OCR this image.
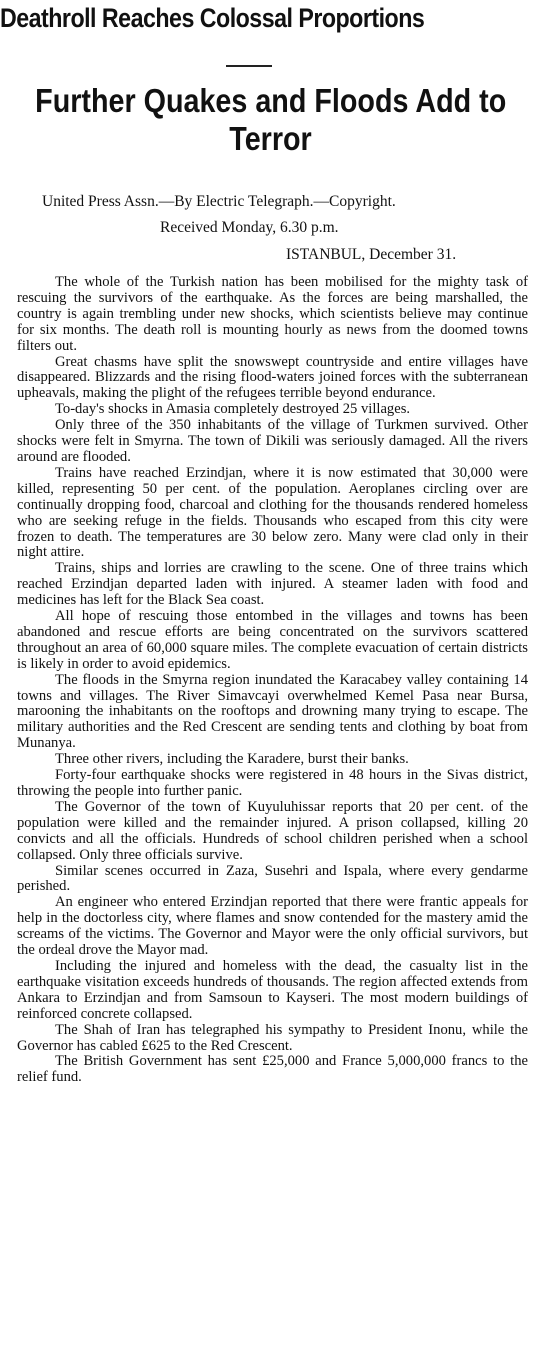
Deathroll Reaches Colossal Proportions
Further Quakes and Floods Add to
Terror

United Press Assn.—By Electric Telegraph.—Copyright.

Received Monday, 6.30 p.m.

ISTANBUL, December 31.

The whole of the Turkish nation has been mobilised for the mighty task of rescuing the survivors of the earthquake. As the forces are being marshalled, the country is again trembling under new shocks, which scientists believe may continue for six months. The death roll is mounting hourly as news from the doomed towns filters out.

Great chasms have split the snowswept countryside and entire villages have disappeared. Blizzards and the rising flood-waters joined forces with the subterranean upheavals, making the plight of the refugees terrible beyond endurance.

To-day's shocks in Amasia completely destroyed 25 villages.

Only three of the 350 inhabitants of the village of Turkmen survived. Other shocks were felt in Smyrna. The town of Dikili was seriously damaged. All the rivers around are flooded.

Trains have reached Erzindjan, where it is now estimated that 30,000 were killed, representing 50 per cent. of the population. Aeroplanes circling over are continually dropping food, charcoal and clothing for the thousands rendered homeless who are seeking refuge in the fields. Thousands who escaped from this city were frozen to death. The temperatures are 30 below zero. Many were clad only in their night attire.

Trains, ships and lorries are crawling to the scene. One of three trains which reached Erzindjan departed laden with injured. A steamer laden with food and medicines has left for the Black Sea coast.

All hope of rescuing those entombed in the villages and towns has been abandoned and rescue efforts are being concentrated on the survivors scattered throughout an area of 60,000 square miles. The complete evacuation of certain districts is likely in order to avoid epidemics.

The floods in the Smyrna region inundated the Karacabey valley containing 14 towns and villages. The River Simavcayi overwhelmed Kemel Pasa near Bursa, marooning the inhabitants on the rooftops and drowning many trying to escape. The military authorities and the Red Crescent are sending tents and clothing by boat from Munanya.

Three other rivers, including the Karadere, burst their banks.

Forty-four earthquake shocks were registered in 48 hours in the Sivas district, throwing the people into further panic.

The Governor of the town of Kuyuluhissar reports that 20 per cent. of the population were killed and the remainder injured. A prison collapsed, killing 20 convicts and all the officials. Hundreds of school children perished when a school collapsed. Only three officials survive.

Similar scenes occurred in Zaza, Susehri and Ispala, where every gendarme perished.

An engineer who entered Erzindjan reported that there were frantic appeals for help in the doctorless city, where flames and snow contended for the mastery amid the screams of the victims. The Governor and Mayor were the only official survivors, but the ordeal drove the Mayor mad.

Including the injured and homeless with the dead, the casualty list in the earthquake visitation exceeds hundreds of thousands. The region affected extends from Ankara to Erzindjan and from Samsoun to Kayseri. The most modern buildings of reinforced concrete collapsed.

The Shah of Iran has telegraphed his sympathy to President Inonu, while the Governor has cabled £625 to the Red Crescent.

The British Government has sent £25,000 and France 5,000,000 francs to the relief fund.
